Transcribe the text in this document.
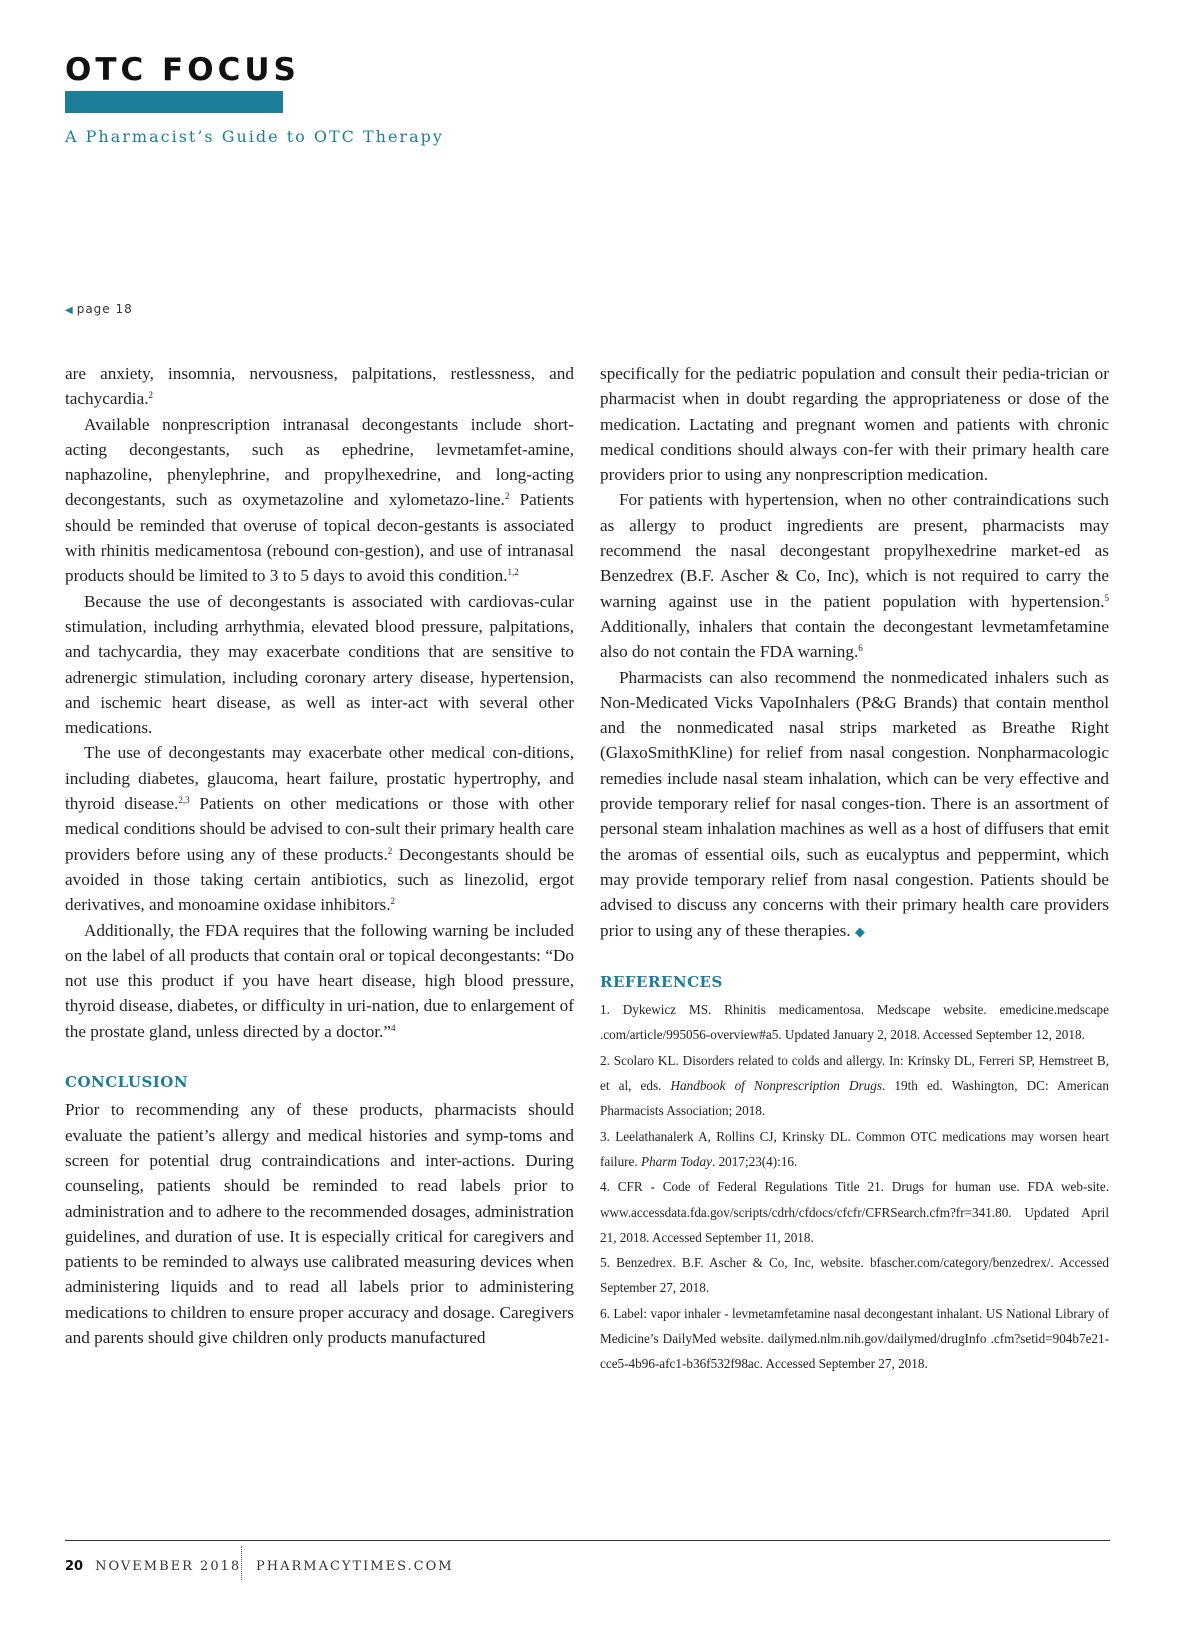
OTC FOCUS
A Pharmacist’s Guide to OTC Therapy
◀ page 18

are anxiety, insomnia, nervousness, palpitations, restlessness, and tachycardia.$^2$

Available nonprescription intranasal decongestants include short-acting decongestants, such as ephedrine, levmetamfet-amine, naphazoline, phenylephrine, and propylhexedrine, and long-acting decongestants, such as oxymetazoline and xylometazo-line.$^2$ Patients should be reminded that overuse of topical decon-gestants is associated with rhinitis medicamentosa (rebound con-gestion), and use of intranasal products should be limited to 3 to 5 days to avoid this condition.$^{1,2}$

Because the use of decongestants is associated with cardiovas-cular stimulation, including arrhythmia, elevated blood pressure, palpitations, and tachycardia, they may exacerbate conditions that are sensitive to adrenergic stimulation, including coronary artery disease, hypertension, and ischemic heart disease, as well as inter-act with several other medications.

The use of decongestants may exacerbate other medical con-ditions, including diabetes, glaucoma, heart failure, prostatic hypertrophy, and thyroid disease.$^{2,3}$ Patients on other medications or those with other medical conditions should be advised to con-sult their primary health care providers before using any of these products.$^2$ Decongestants should be avoided in those taking certain antibiotics, such as linezolid, ergot derivatives, and monoamine oxidase inhibitors.$^2$

Additionally, the FDA requires that the following warning be included on the label of all products that contain oral or topical decongestants: “Do not use this product if you have heart disease, high blood pressure, thyroid disease, diabetes, or difficulty in uri-nation, due to enlargement of the prostate gland, unless directed by a doctor.”$^4$

CONCLUSION

Prior to recommending any of these products, pharmacists should evaluate the patient’s allergy and medical histories and symp-toms and screen for potential drug contraindications and inter-actions. During counseling, patients should be reminded to read labels prior to administration and to adhere to the recommended dosages, administration guidelines, and duration of use. It is especially critical for caregivers and patients to be reminded to always use calibrated measuring devices when administering liquids and to read all labels prior to administering medications to children to ensure proper accuracy and dosage. Caregivers and parents should give children only products manufactured

specifically for the pediatric population and consult their pedia-trician or pharmacist when in doubt regarding the appropriateness or dose of the medication. Lactating and pregnant women and patients with chronic medical conditions should always con-fer with their primary health care providers prior to using any nonprescription medication.

For patients with hypertension, when no other contraindications such as allergy to product ingredients are present, pharmacists may recommend the nasal decongestant propylhexedrine market-ed as Benzedrex (B.F. Ascher & Co, Inc), which is not required to carry the warning against use in the patient population with hypertension.$^5$ Additionally, inhalers that contain the decongestant levmetamfetamine also do not contain the FDA warning.$^6$

Pharmacists can also recommend the nonmedicated inhalers such as Non-Medicated Vicks VapoInhalers (P&G Brands) that contain menthol and the nonmedicated nasal strips marketed as Breathe Right (GlaxoSmithKline) for relief from nasal congestion. Nonpharmacologic remedies include nasal steam inhalation, which can be very effective and provide temporary relief for nasal conges-tion. There is an assortment of personal steam inhalation machines as well as a host of diffusers that emit the aromas of essential oils, such as eucalyptus and peppermint, which may provide temporary relief from nasal congestion. Patients should be advised to discuss any concerns with their primary health care providers prior to using any of these therapies. ◆

REFERENCES

1. Dykewicz MS. Rhinitis medicamentosa. Medscape website. emedicine.medscape .com/article/995056-overview#a5. Updated January 2, 2018. Accessed September 12, 2018.

2. Scolaro KL. Disorders related to colds and allergy. In: Krinsky DL, Ferreri SP, Hemstreet B, et al, eds. Handbook of Nonprescription Drugs. 19th ed. Washington, DC: American Pharmacists Association; 2018.

3. Leelathanalerk A, Rollins CJ, Krinsky DL. Common OTC medications may worsen heart failure. Pharm Today. 2017;23(4):16.

4. CFR - Code of Federal Regulations Title 21. Drugs for human use. FDA web-site. www.accessdata.fda.gov/scripts/cdrh/cfdocs/cfcfr/CFRSearch.cfm?fr=341.80. Updated April 21, 2018. Accessed September 11, 2018.

5. Benzedrex. B.F. Ascher & Co, Inc, website. bfascher.com/category/benzedrex/. Accessed September 27, 2018.

6. Label: vapor inhaler - levmetamfetamine nasal decongestant inhalant. US National Library of Medicine’s DailyMed website. dailymed.nlm.nih.gov/dailymed/drugInfo .cfm?setid=904b7e21-cce5-4b96-afc1-b36f532f98ac. Accessed September 27, 2018.

20 NOVEMBER 2018 PHARMACYTIMES.COM
